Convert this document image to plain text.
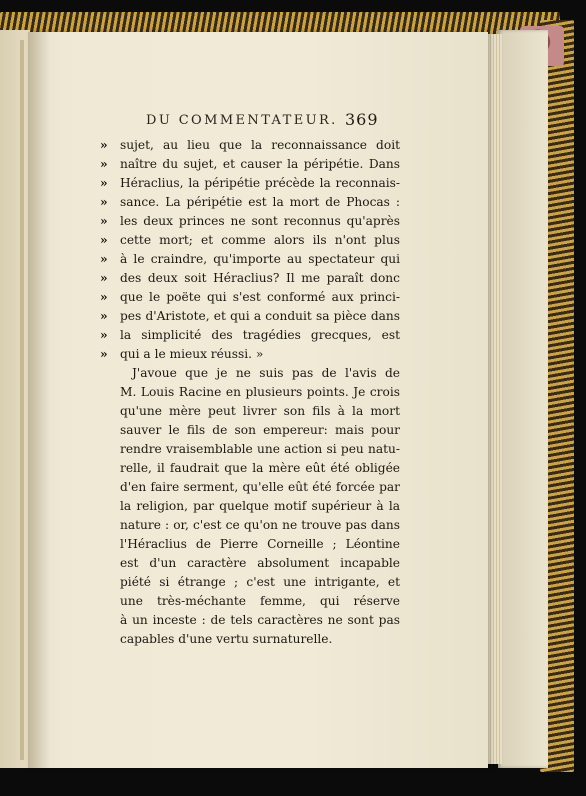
DU COMMENTATEUR. 369
»	sujet, au lieu que la reconnaissance doit
»	naître du sujet, et causer la péripétie. Dans
»	Héraclius, la péripétie précède la reconnais-
»	sance. La péripétie est la mort de Phocas :
»	les deux princes ne sont reconnus qu'après
»	cette mort; et comme alors ils n'ont plus
»	à le craindre, qu'importe au spectateur qui
»	des deux soit Héraclius? Il me paraît donc
»	que le poëte qui s'est conformé aux princi-
»	pes d'Aristote, et qui a conduit sa pièce dans
»	la simplicité des tragédies grecques, est
»	qui a le mieux réussi. »
J'avoue que je ne suis pas de l'avis de
M. Louis Racine en plusieurs points. Je crois
qu'une mère peut livrer son fils à la mort
sauver le fils de son empereur: mais pour
rendre vraisemblable une action si peu natu-
relle, il faudrait que la mère eût été obligée
d'en faire serment, qu'elle eût été forcée par
la religion, par quelque motif supérieur à la
nature : or, c'est ce qu'on ne trouve pas dans
l'Héraclius de Pierre Corneille ; Léontine
est d'un caractère absolument incapable
piété si étrange ; c'est une intrigante, et
une très-méchante femme, qui réserve
à un inceste : de tels caractères ne sont pas
capables d'une vertu surnaturelle.
